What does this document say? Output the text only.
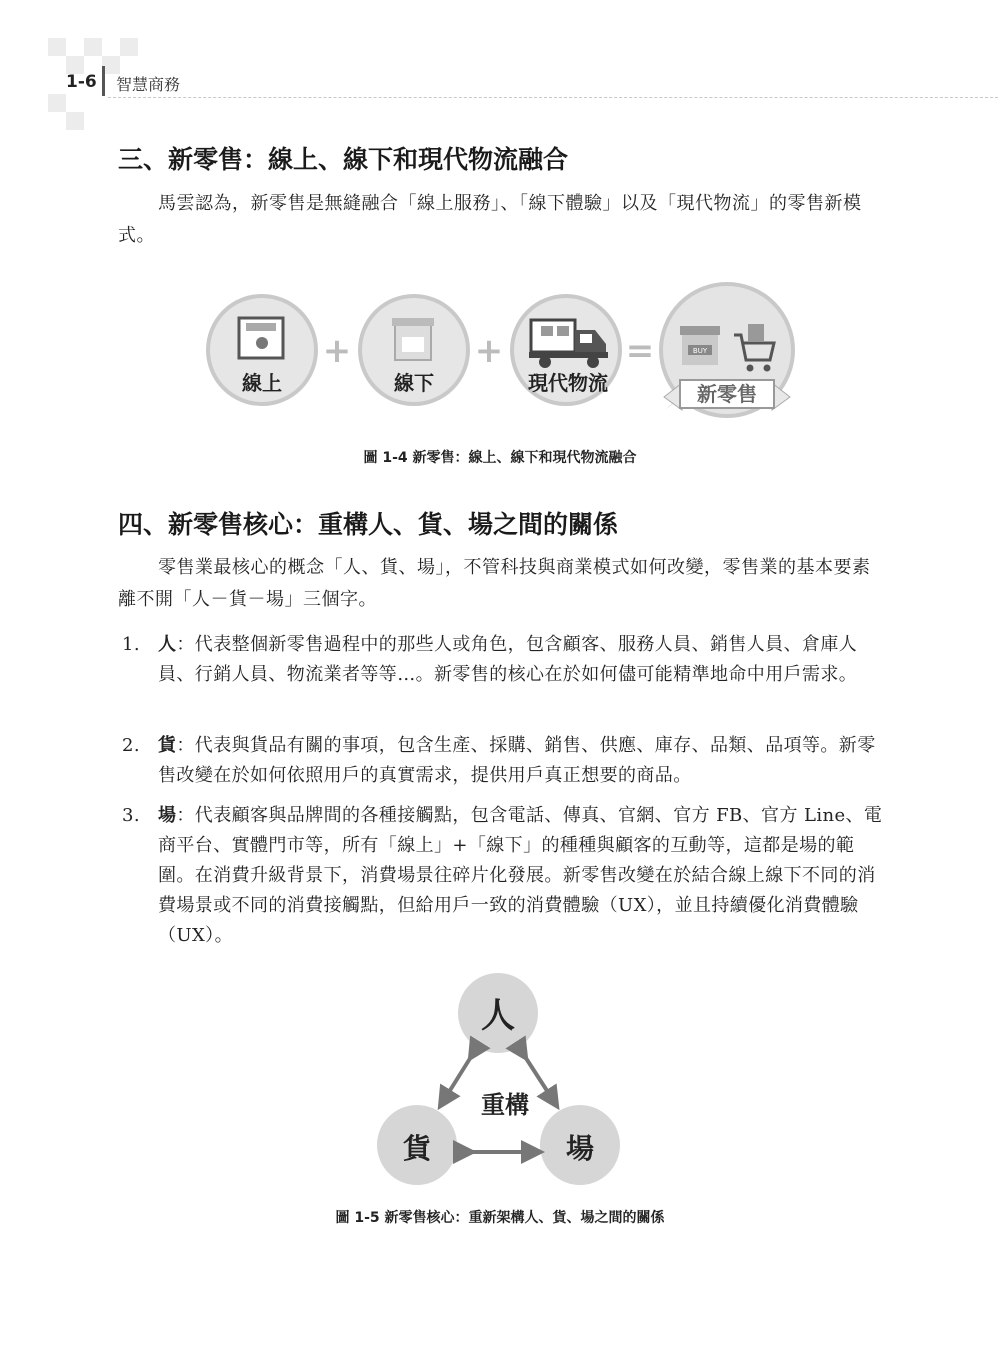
1-6 智慧商務
三、新零售：線上、線下和現代物流融合

馬雲認為，新零售是無縫融合「線上服務」、「線下體驗」以及「現代物流」的零售新模式。

線上
+
線下
+
現代物流
=	BUY
新零售
圖 1-4 新零售：線上、線下和現代物流融合
四、新零售核心：重構人、貨、場之間的關係

零售業最核心的概念「人、貨、場」，不管科技與商業模式如何改變，零售業的基本要素離不開「人－貨－場」三個字。

1. 人：代表整個新零售過程中的那些人或角色，包含顧客、服務人員、銷售人員、倉庫人員、行銷人員、物流業者等等…。新零售的核心在於如何儘可能精準地命中用戶需求。
2. 貨：代表與貨品有關的事項，包含生產、採購、銷售、供應、庫存、品類、品項等。新零售改變在於如何依照用戶的真實需求，提供用戶真正想要的商品。
3. 場：代表顧客與品牌間的各種接觸點，包含電話、傳真、官網、官方 FB、官方 Line、電商平台、實體門市等，所有「線上」+「線下」的種種與顧客的互動等，這都是場的範圍。在消費升級背景下，消費場景往碎片化發展。新零售改變在於結合線上線下不同的消費場景或不同的消費接觸點，但給用戶一致的消費體驗（UX），並且持續優化消費體驗（UX）。
人
貨	場
重構
圖 1-5 新零售核心：重新架構人、貨、場之間的關係
